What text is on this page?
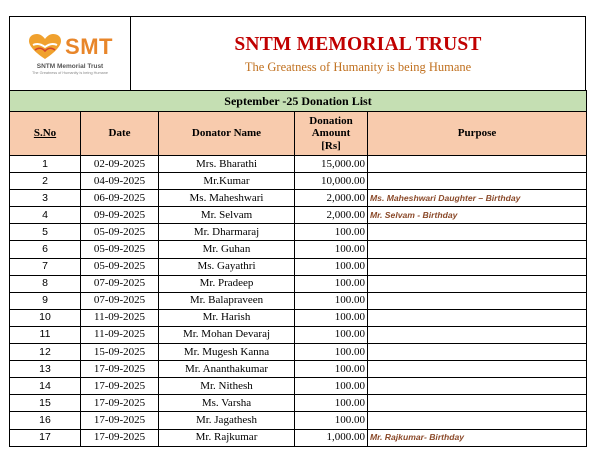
SMT
SNTM Memorial Trust
The Greatness of Humanity is being Humane
SNTM MEMORIAL TRUST
The Greatness of Humanity is being Humane
September -25 Donation List				
S.No	Date	Donator Name	Donation
Amount
[Rs]	Purpose
1	02-09-2025	Mrs. Bharathi	15,000.00	
2	04-09-2025	Mr.Kumar	10,000.00	
3	06-09-2025	Ms. Maheshwari	2,000.00	Ms. Maheshwari Daughter – Birthday
4	09-09-2025	Mr. Selvam	2,000.00	Mr. Selvam - Birthday
5	05-09-2025	Mr. Dharmaraj	100.00	
6	05-09-2025	Mr. Guhan	100.00	
7	05-09-2025	Ms. Gayathri	100.00	
8	07-09-2025	Mr. Pradeep	100.00	
9	07-09-2025	Mr. Balapraveen	100.00	
10	11-09-2025	Mr. Harish	100.00	
11	11-09-2025	Mr. Mohan Devaraj	100.00	
12	15-09-2025	Mr. Mugesh Kanna	100.00	
13	17-09-2025	Mr. Ananthakumar	100.00	
14	17-09-2025	Mr. Nithesh	100.00	
15	17-09-2025	Ms. Varsha	100.00	
16	17-09-2025	Mr. Jagathesh	100.00	
17	17-09-2025	Mr. Rajkumar	1,000.00	Mr. Rajkumar- Birthday
